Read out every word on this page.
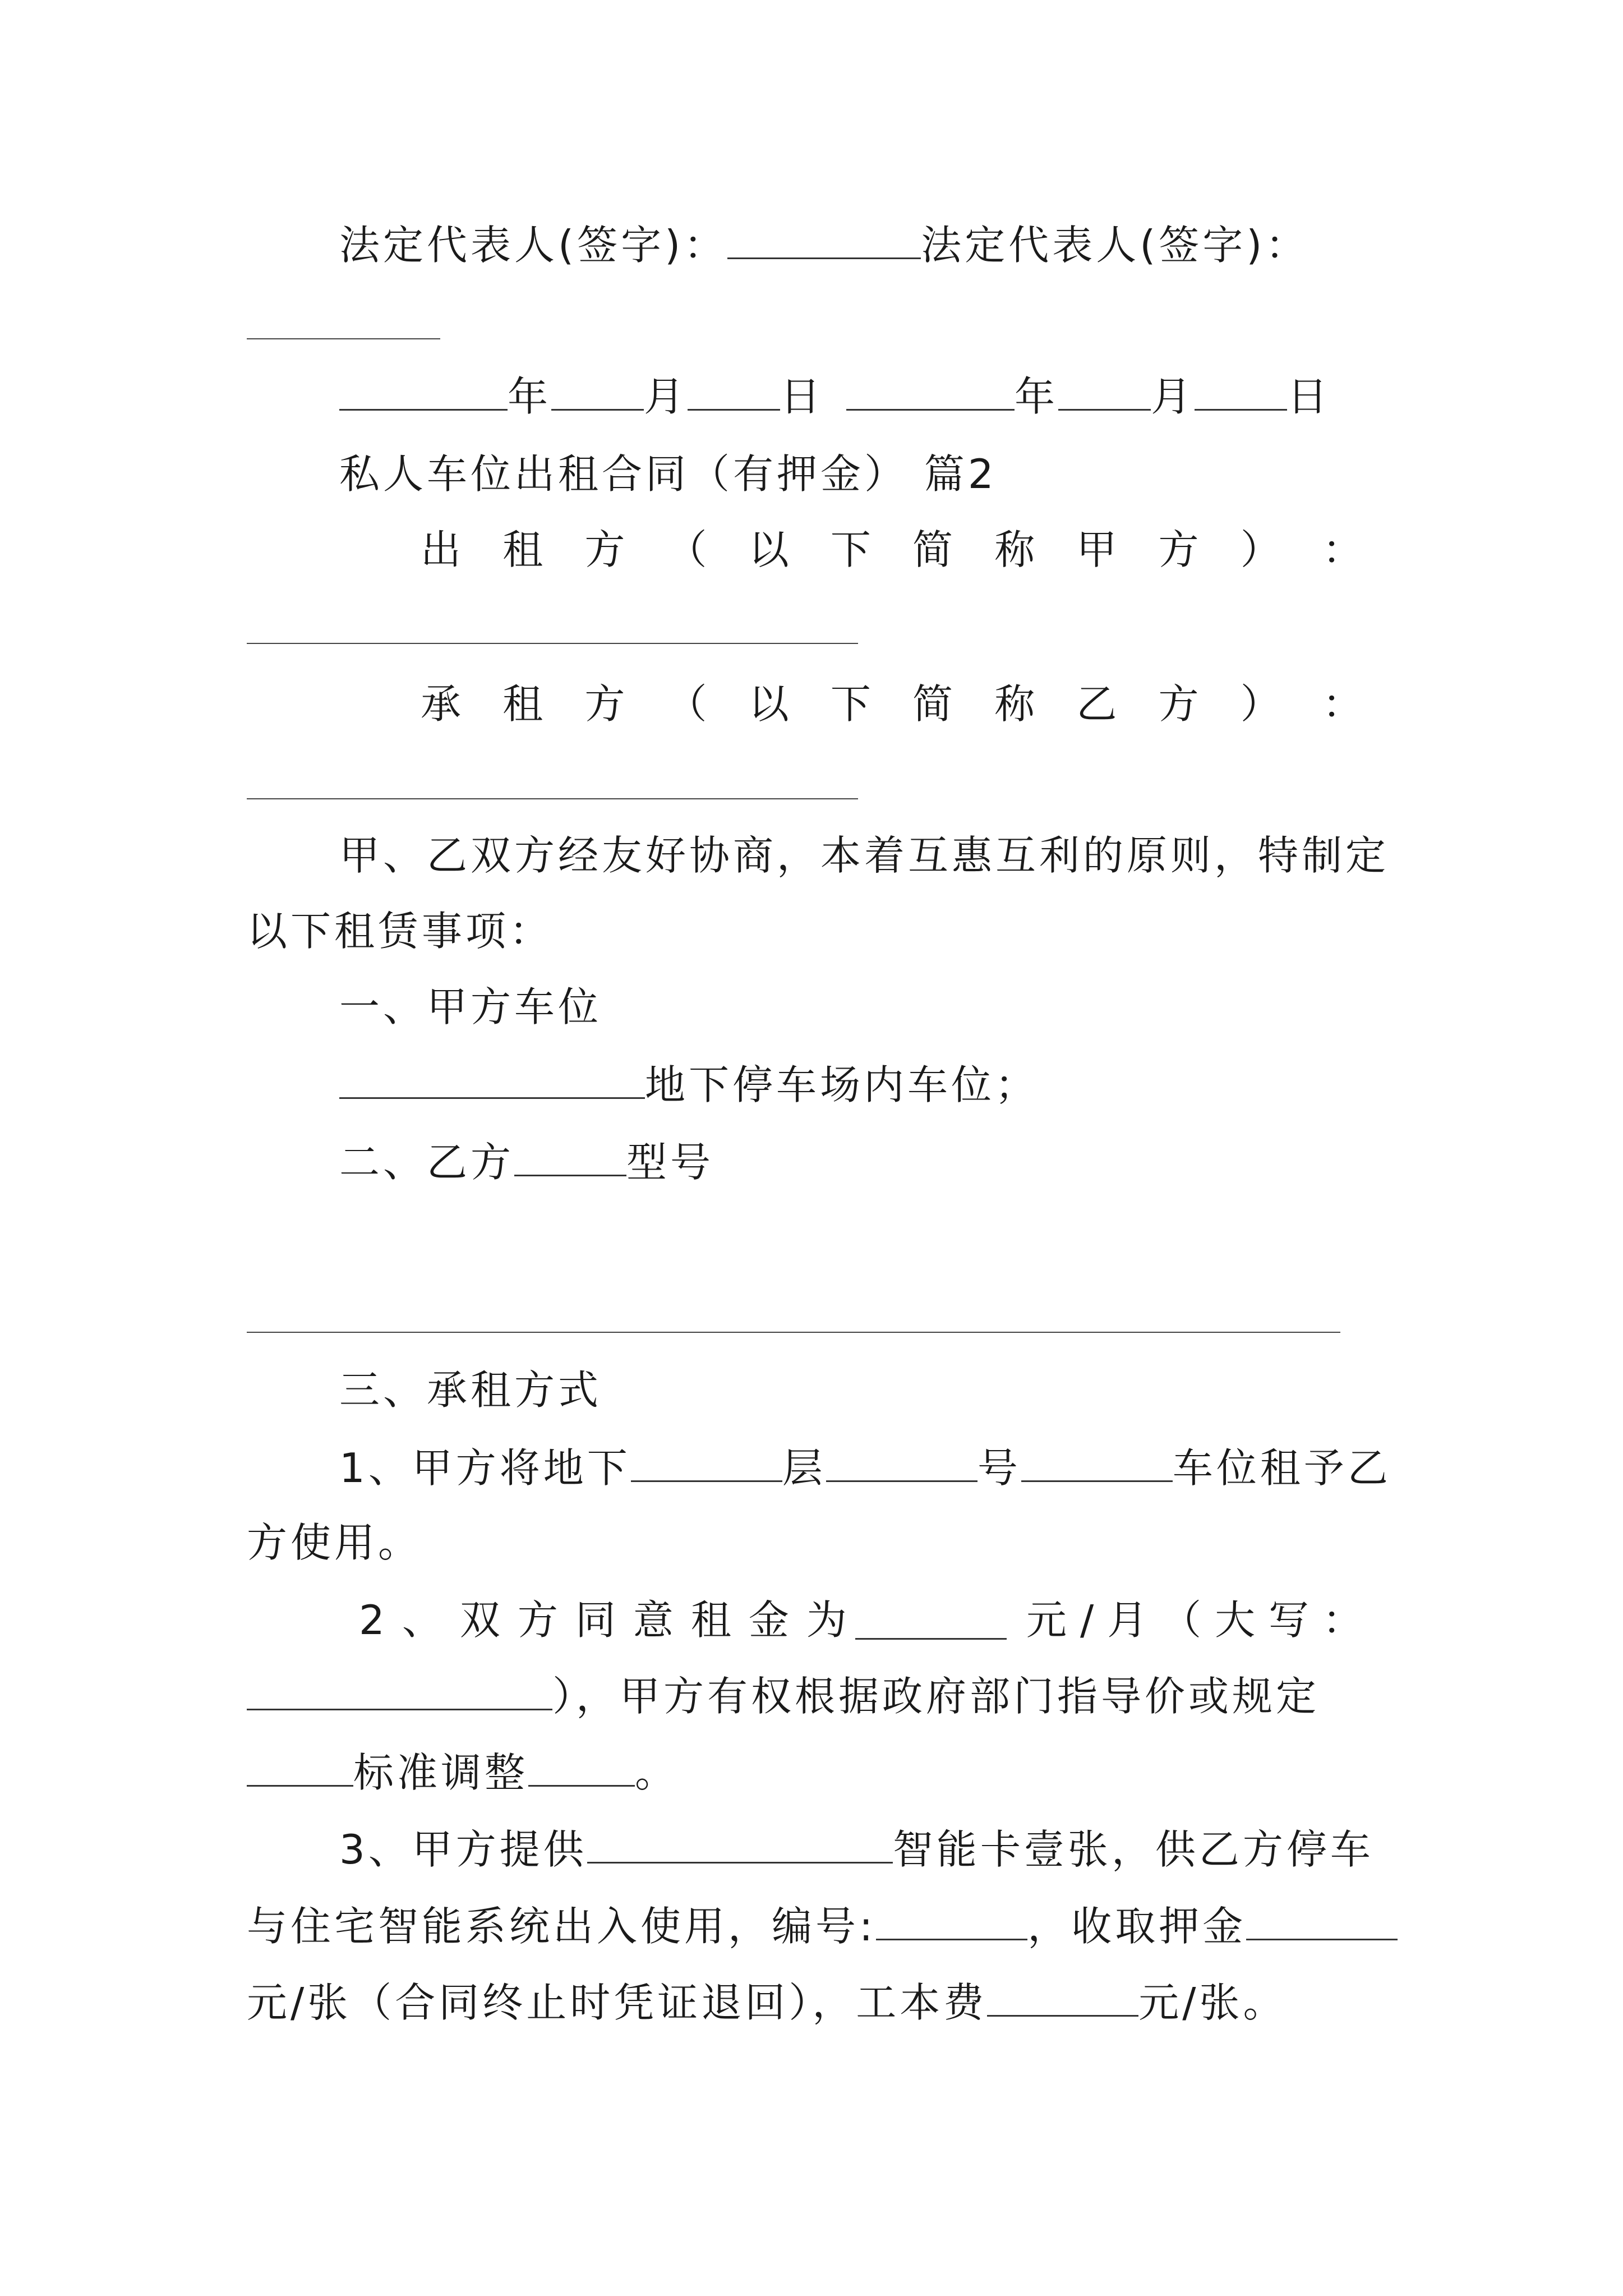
法定代表人(签字)：	法定代表人(签字)：
年 月 日	年 月 日
私人车位出租合同（有押金） 篇2
出 租 方 （ 以 下 简 称 甲 方 ） ：
承 租 方 （ 以 下 简 称 乙 方 ） ：
甲、乙双方经友好协商，本着互惠互利的原则，特制定
以下租赁事项：
一、甲方车位
地下停车场内车位；
二、乙方	型号
三、承租方式
1、甲方将地下	层	号	车位租予乙
方使用。
2 、 双 方 同 意 租 金 为	元 / 月 （ 大 写 ：
），甲方有权根据政府部门指导价或规定
标准调整	。
3、甲方提供	智能卡壹张，供乙方停车
与住宅智能系统出入使用，编号:	，收取押金
元/张（合同终止时凭证退回），工本费	元/张。
